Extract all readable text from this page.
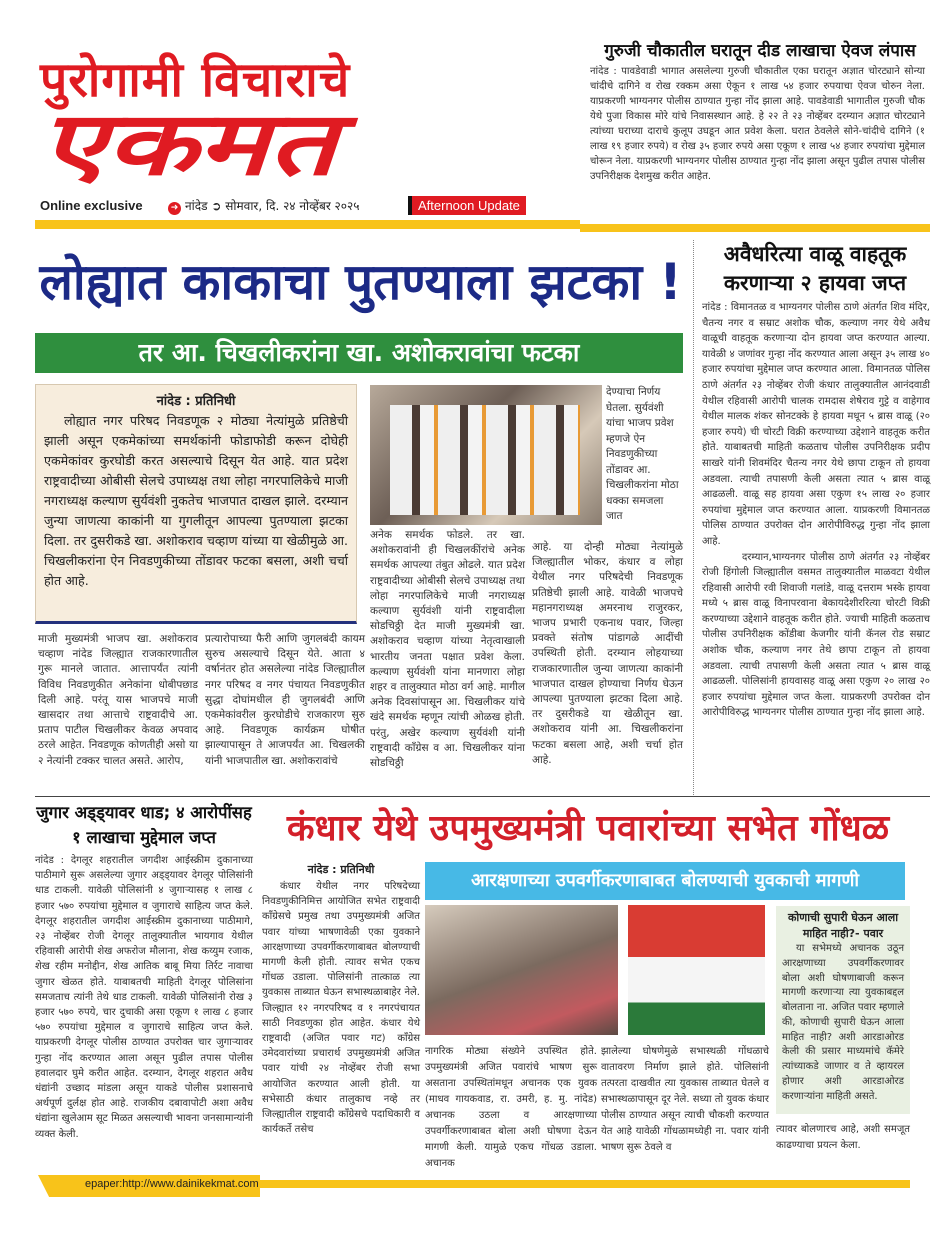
पुरोगामी विचाराचे
एकमत
Online exclusive	➜ नांदेड ➲ सोमवार, दि. २४ नोव्हेंबर २०२५	Afternoon Update
गुरुजी चौकातील घरातून दीड लाखाचा ऐवज लंपास
नांदेड : पावडेवाडी भागात असलेल्या गुरुजी चौकातील एका घरातून अज्ञात चोरट्याने सोन्या चांदीचे दागिने व रोख रक्कम असा ऐकून १ लाख ५४ हजार रुपयाचा ऐवज चोरुन नेला. याप्रकरणी भाग्यनगर पोलीस ठाण्यात गुन्हा नोंद झाला आहे. पावडेवाडी भागातील गुरुजी चौक येथे पुजा विकास मोरे यांचे निवासस्थान आहे. हे २२ ते २३ नोव्हेंबर दरम्यान अज्ञात चोरट्याने त्यांच्या घराच्या दाराचे कुलूप उघडून आत प्रवेश केला. घरात ठेवलेले सोने-चांदीचे दागिने (१ लाख १९ हजार रुपये) व रोख ३५ हजार रुपये असा एकूण १ लाख ५४ हजार रुपयांचा मुद्देमाल चोरून नेला. याप्रकरणी भाग्यनगर पोलीस ठाण्यात गुन्हा नोंद झाला असून पुढील तपास पोलीस उपनिरीक्षक देशमुख करीत आहेत.
लोह्यात काकाचा पुतण्याला झटका !
तर आ. चिखलीकरांना खा. अशोकरावांचा फटका
नांदेड : प्रतिनिधी
लोह्यात नगर परिषद निवडणूक २ मोठ्या नेत्यांमुळे प्रतिष्ठेची झाली असून एकमेकांच्या समर्थकांनी फोडाफोडी करून दोघेही एकमेकांवर कुरघोडी करत असल्याचे दिसून येत आहे. यात प्रदेश राष्ट्रवादीच्या ओबीसी सेलचे उपाध्यक्ष तथा लोहा नगरपालिकेचे माजी नगराध्यक्ष कल्याण सुर्यवंशी नुकतेच भाजपात दाखल झाले. दरम्यान जुन्या जाणत्या काकांनी या गुगलीतून आपल्या पुतण्याला झटका दिला. तर दुसरीकडे खा. अशोकराव चव्हाण यांच्या या खेळीमुळे आ. चिखलीकरांना ऐन निवडणुकीच्या तोंडावर फटका बसला, अशी चर्चा होत आहे.
देण्याचा निर्णय घेतला. सुर्यवंशी यांचा भाजप प्रवेश म्हणजे ऐन निवडणुकीच्या तोंडावर आ. चिखलीकरांना मोठा धक्का समजला जात
माजी मुख्यमंत्री भाजप खा. अशोकराव चव्हाण नांदेड जिल्ह्यात राजकारणातील गुरू मानले जातात. आत्तापर्यंत त्यांनी विविध निवडणुकीत अनेकांना धोबीपछाड दिली आहे. परंतू यास भाजपचे माजी खासदार तथा आत्ताचे राष्ट्रवादीचे आ. प्रताप पाटील चिखलीकर केवळ अपवाद ठरले आहेत. निवडणूक कोणतीही असो या २ नेत्यांनी टक्कर चालत असते. आरोप,
प्रत्यारोपाच्या फैरी आणि जुगलबंदी कायम सुरुच असल्याचे दिसून येते. आता ४ वर्षानंतर होत असलेल्या नांदेड जिल्ह्यातील नगर परिषद व नगर पंचायत निवडणुकीत सुद्धा दोघांमधील ही जुगलबंदी आणि एकमेकांवरील कुरघोडीचे राजकारण सुरु आहे. निवडणूक कार्यक्रम घोषीत झाल्यापासून ते आजपर्यंत आ. चिखलकी यांनी भाजपातील खा. अशोकरावांचे
अनेक समर्थक फोडले. तर खा. अशोकरावांनी ही चिखलकींरांचे अनेक समर्थक आपल्या तंबुत ओढले. यात प्रदेश राष्ट्रवादीच्या ओबीसी सेलचे उपाध्यक्ष तथा लोहा नगरपालिकेचे माजी नगराध्यक्ष कल्याण सुर्यवंशी यांनी राष्ट्रवादीला सोडचिठ्ठी देत माजी मुख्यमंत्री खा. अशोकराव चव्हाण यांच्या नेतृत्वाखाली भारतीय जनता पक्षात प्रवेश केला. कल्याण सुर्यवंशी यांना मानणारा लोहा शहर व तालुक्यात मोठा वर्ग आहे. मागील अनेक दिवसांपासून आ. चिखलीकर यांचे खंदे समर्थक म्हणून त्यांची ओळख होती. परंतु, अखेर कल्याण सुर्यवंशी यांनी राष्ट्रवादी कॉंग्रेस व आ. चिखलीकर यांना सोडचिठ्ठी
आहे. या दोन्ही मोठ्या नेत्यांमुळे जिल्ह्यातील भोकर, कंधार व लोहा येथील नगर परिषदेची निवडणूक प्रतिष्ठेची झाली आहे. यावेळी भाजपचे महानगराध्यक्ष अमरनाथ राजुरकर, भाजप प्रभारी एकनाथ पवार, जिल्हा प्रवक्ते संतोष पांडागळे आदींची उपस्थिती होती. दरम्यान लोहयाच्या राजकारणातील जुन्या जाणत्या काकांनी भाजपात दाखल होण्याचा निर्णय घेऊन आपल्या पुतण्याला झटका दिला आहे. तर दुसरीकडे या खेळीतून खा. अशोकराव यांनी आ. चिखलीकरांना फटका बसला आहे, अशी चर्चा होत आहे.
अवैधरित्या वाळू वाहतूक करणाऱ्या २ हायवा जप्त
नांदेड : विमानतळ व भाग्यनगर पोलीस ठाणे अंतर्गत शिव मंदिर, चैतन्य नगर व सम्राट अशोक चौक, कल्याण नगर येथे अवैध वाळूची वाहतूक करणाऱ्या दोन हायवा जप्त करण्यात आल्या. यावेळी ४ जणांवर गुन्हा नोंद करण्यात आला असून ३५ लाख ४० हजार रुपयांचा मुद्देमाल जप्त करण्यात आला. विमानतळ पोलिस ठाणे अंतर्गत २३ नोव्हेंबर रोजी कंधार तालुक्यातील आनंदवाडी येथील रहिवासी आरोपी चालक रामदास शेषेराव गुट्टे व वाहेगाव येथील मालक शंकर सोनटक्के हे हायवा मधून ५ ब्रास वाळू (२० हजार रुपये) ची चोरटी विक्री करण्याच्या उद्देशाने वाहतूक करीत होते. याबाबतची माहिती कळताच पोलीस उपनिरीक्षक प्रदीप साखरे यांनी शिवमंदिर चैतन्य नगर येथे छापा टाकून तो हायवा अडवला. त्याची तपासणी केली असता त्यात ५ ब्रास वाळू आढळली. वाळू सह हायवा असा एकुण १५ लाख २० हजार रुपयांचा मुद्देमाल जप्त करण्यात आला. याप्रकरणी विमानतळ पोलिस ठाण्यात उपरोक्त दोन आरोपीविरुद्ध गुन्हा नोंद झाला आहे.
दरम्यान,भाग्यनगर पोलीस ठाणे अंतर्गत २३ नोव्हेंबर रोजी हिंगोली जिल्ह्यातील वसमत तालुक्यातील माळवटा येथील रहिवासी आरोपी रवी शिवाजी गलांडे, वाळू दत्तराम भस्के हायवा मध्ये ५ ब्रास वाळू विनापरवाना बेकायदेशीररित्या चोरटी विक्री करण्याच्या उद्देशाने वाहतूक करीत होते. ज्याची माहिती कळताच पोलीस उपनिरीक्षक कोंडीबा केजगीर यांनी कॅनल रोड सम्राट अशोक चौक, कल्याण नगर तेथे छापा टाकून तो हायवा अडवला. त्याची तपासणी केली असता त्यात ५ ब्रास वाळू आढळली. पोलिसांनी हायवासह वाळू असा एकुण २० लाख २० हजार रुपयांचा मुद्देमाल जप्त केला. याप्रकरणी उपरोक्त दोन आरोपीविरुद्ध भाग्यनगर पोलीस ठाण्यात गुन्हा नोंद झाला आहे.
जुगार अड्ड्यावर धाड; ४ आरोपींसह १ लाखाचा मुद्देमाल जप्त
नांदेड : देगलूर शहरातील जगदीश आईस्क्रीम दुकानाच्या पाठीमागे सुरू असलेल्या जुगार अड्ड्यावर देगलूर पोलिसांनी धाड टाकली. यावेळी पोलिसांनी ४ जुगाऱ्यासह १ लाख ८ हजार ५७० रुपयांचा मुद्देमाल व जुगाराचे साहित्य जप्त केले. देगलूर शहरातील जगदीश आईस्क्रीम दुकानाच्या पाठीमागे, २३ नोव्हेंबर रोजी देगलूर तालुक्यातील भायगाव येथील रहिवासी आरोपी शेख अफरोज मौलाना, शेख कय्युम रजाक, शेख रहीम मनोद्दीन, शेख आतिक बाबू मिया तिर्रट नावाचा जुगार खेळत होते. याबाबतची माहिती देगलूर पोलिसांना समजताच त्यांनी तेथे धाड टाकली. यावेळी पोलिसांनी रोख ३ हजार ५७० रुपये, चार दुचाकी असा एकूण १ लाख ८ हजार ५७० रुपयांचा मुद्देमाल व जुगाराचे साहित्य जप्त केले. याप्रकरणी देगलूर पोलीस ठाण्यात उपरोक्त चार जुगाऱ्यावर गुन्हा नोंद करण्यात आला असून पुढील तपास पोलीस हवालदार घुमे करीत आहेत. दरम्यान, देगलूर शहरात अवैध धंद्यांनी उच्छाद मांडला असून याकडे पोलीस प्रशासनाचे अर्थपूर्ण दुर्लक्ष होत आहे. राजकीय दबावापोटी अशा अवैध धंद्यांना खुलेआम सूट मिळत असल्याची भावना जनसामान्यांनी व्यक्त केली.
epaper:http://www.dainikekmat.com
कंधार येथे उपमुख्यमंत्री पवारांच्या सभेत गोंधळ
आरक्षणाच्या उपवर्गीकरणाबाबत बोलण्याची युवकाची मागणी
नांदेड : प्रतिनिधी
कंधार येथील नगर परिषदेच्या निवडणुकीनिमित्त आयोजित सभेत राष्ट्रवादी कॉंग्रेसचे प्रमुख तथा उपमुख्यमंत्री अजित पवार यांच्या भाषणावेळी एका युवकाने आरक्षणाच्या उपवर्गीकरणाबाबत बोलण्याची मागणी केली होती. त्यावर सभेत एकच गोंधळ उडाला. पोलिसांनी तात्काळ त्या युवकास ताब्यात घेऊन सभास्थळाबाहेर नेले. जिल्ह्यात १२ नगरपरिषद व १ नगरपंचायत साठी निवडणुका होत आहेत. कंधार येथे राष्ट्रवादी (अजित पवार गट) कॉंग्रेस उमेदवारांच्या प्रचारार्थ उपमुख्यमंत्री अजित पवार यांची २४ नोव्हेंबर रोजी सभा आयोजित करण्यात आली होती. या सभेसाठी कंधार तालुकाच नव्हे तर जिल्ह्यातील राष्ट्रवादी कॉंग्रेसचे पदाधिकारी व कार्यकर्ते तसेच
कोणाची सुपारी घेऊन आला माहित नाही?- पवार
या सभेमध्ये अचानक उठून आरक्षणाच्या उपवर्गीकरणावर बोला अशी घोषणाबाजी करून मागणी करणाऱ्या त्या युवकाबद्दल बोलताना ना. अजित पवार म्हणाले की, कोणाची सुपारी घेऊन आला माहित नाही? अशी आरडाओरड केली की प्रसार माध्यमांचे कॅमेरे त्यांच्याकडे जाणार व ते व्हायरल होणार अशी आरडाओरड करणाऱ्यांना माहिती असते.
नागरिक मोठ्या संख्येने उपस्थित होते. उपमुख्यमंत्री अजित पवारांचे भाषण सुरू असताना उपस्थितांमधून अचानक एक युवक (माधव गायकवाड, रा. उमरी, ह. मु. नांदेड) अचानक उठला व आरक्षणाच्या उपवर्गीकरणाबाबत बोला अशी घोषणा देऊन मागणी केली. यामुळे एकच गोंधळ उडाला. अचानक
झालेल्या घोषणेमुळे सभास्थळी गोंधळाचे वातावरण निर्माण झाले होते. पोलिसांनी तत्परता दाखवीत त्या युवकास ताब्यात घेतले व सभास्थळापासून दूर नेले. सध्या तो युवक कंधार पोलीस ठाण्यात असून त्याची चौकशी करण्यात येत आहे यावेळी गोंधळामध्येही ना. पवार यांनी भाषण सुरू ठेवले व
त्यावर बोलणारच आहे, अशी समजूत काढण्याचा प्रयत्न केला.
